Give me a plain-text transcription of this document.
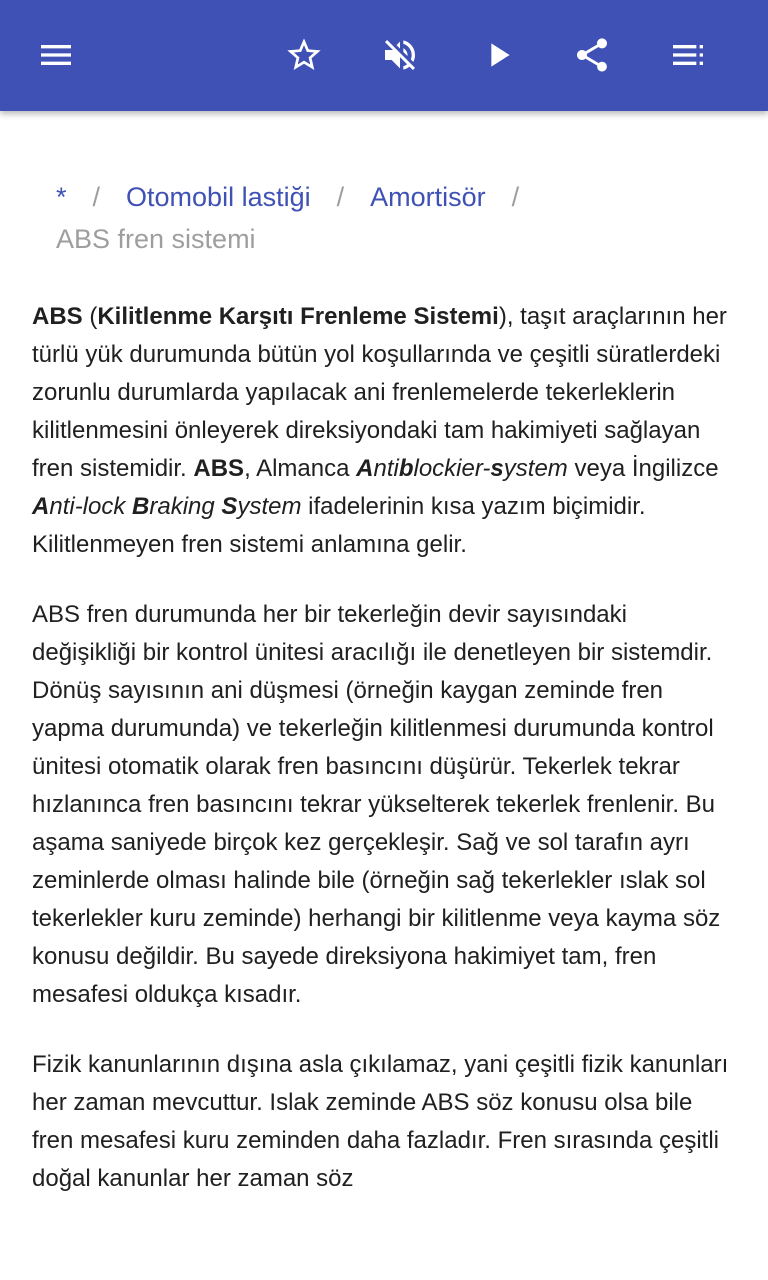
* / Otomobil lastiği / Amortisör /
ABS fren sistemi

ABS (Kilitlenme Karşıtı Frenleme Sistemi), taşıt araçlarının her türlü yük durumunda bütün yol koşullarında ve çeşitli süratlerdeki zorunlu durumlarda yapılacak ani frenlemelerde tekerleklerin kilitlenmesini önleyerek direksiyondaki tam hakimiyeti sağlayan fren sistemidir. ABS, Almanca Antiblockier-system veya İngilizce Anti-lock Braking System ifadelerinin kısa yazım biçimidir. Kilitlenmeyen fren sistemi anlamına gelir.

ABS fren durumunda her bir tekerleğin devir sayısındaki değişikliği bir kontrol ünitesi aracılığı ile denetleyen bir sistemdir. Dönüş sayısının ani düşmesi (örneğin kaygan zeminde fren yapma durumunda) ve tekerleğin kilitlenmesi durumunda kontrol ünitesi otomatik olarak fren basıncını düşürür. Tekerlek tekrar hızlanınca fren basıncını tekrar yükselterek tekerlek frenlenir. Bu aşama saniyede birçok kez gerçekleşir. Sağ ve sol tarafın ayrı zeminlerde olması halinde bile (örneğin sağ tekerlekler ıslak sol tekerlekler kuru zeminde) herhangi bir kilitlenme veya kayma söz konusu değildir. Bu sayede direksiyona hakimiyet tam, fren mesafesi oldukça kısadır.

Fizik kanunlarının dışına asla çıkılamaz, yani çeşitli fizik kanunları her zaman mevcuttur. Islak zeminde ABS söz konusu olsa bile fren mesafesi kuru zeminden daha fazladır. Fren sırasında çeşitli doğal kanunlar her zaman söz
